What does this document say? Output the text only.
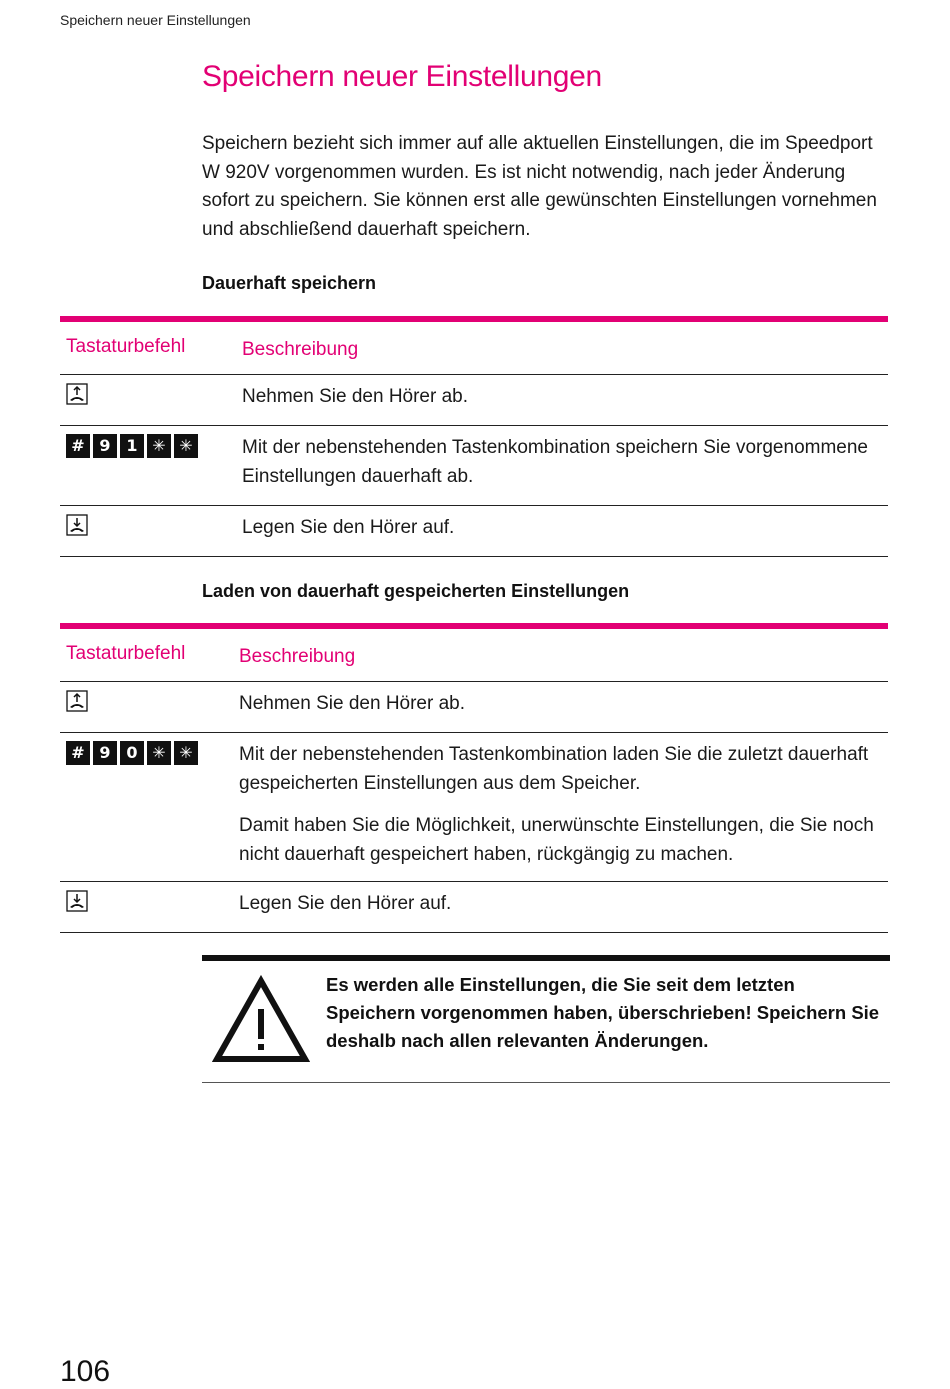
Speichern neuer Einstellungen
Speichern neuer Einstellungen

Speichern bezieht sich immer auf alle aktuellen Einstellungen, die im Speedport W 920V vorgenommen wurden. Es ist nicht notwendig, nach jeder Änderung sofort zu speichern. Sie können erst alle gewünschten Einstellungen vornehmen und abschließend dauerhaft speichern.

Dauerhaft speichern
Tastaturbefehl	Beschreibung

Nehmen Sie den Hörer ab.

# 9 1 ✳ ✳	Mit der nebenstehenden Tastenkombination speichern Sie vorgenommene Einstellungen dauerhaft ab.

Legen Sie den Hörer auf.

Laden von dauerhaft gespeicherten Einstellungen
Tastaturbefehl	Beschreibung

Nehmen Sie den Hörer ab.

# 9 0 ✳ ✳ Mit der nebenstehenden Tastenkombination laden Sie die zuletzt dauerhaft gespeicherten Einstellungen aus dem Speicher.

Damit haben Sie die Möglichkeit, unerwünschte Einstellungen, die Sie noch nicht dauerhaft gespeichert haben, rückgängig zu machen.

Legen Sie den Hörer auf.

Es werden alle Einstellungen, die Sie seit dem letzten Speichern vorgenommen haben, überschrieben! Speichern Sie deshalb nach allen relevanten Änderungen.

106
